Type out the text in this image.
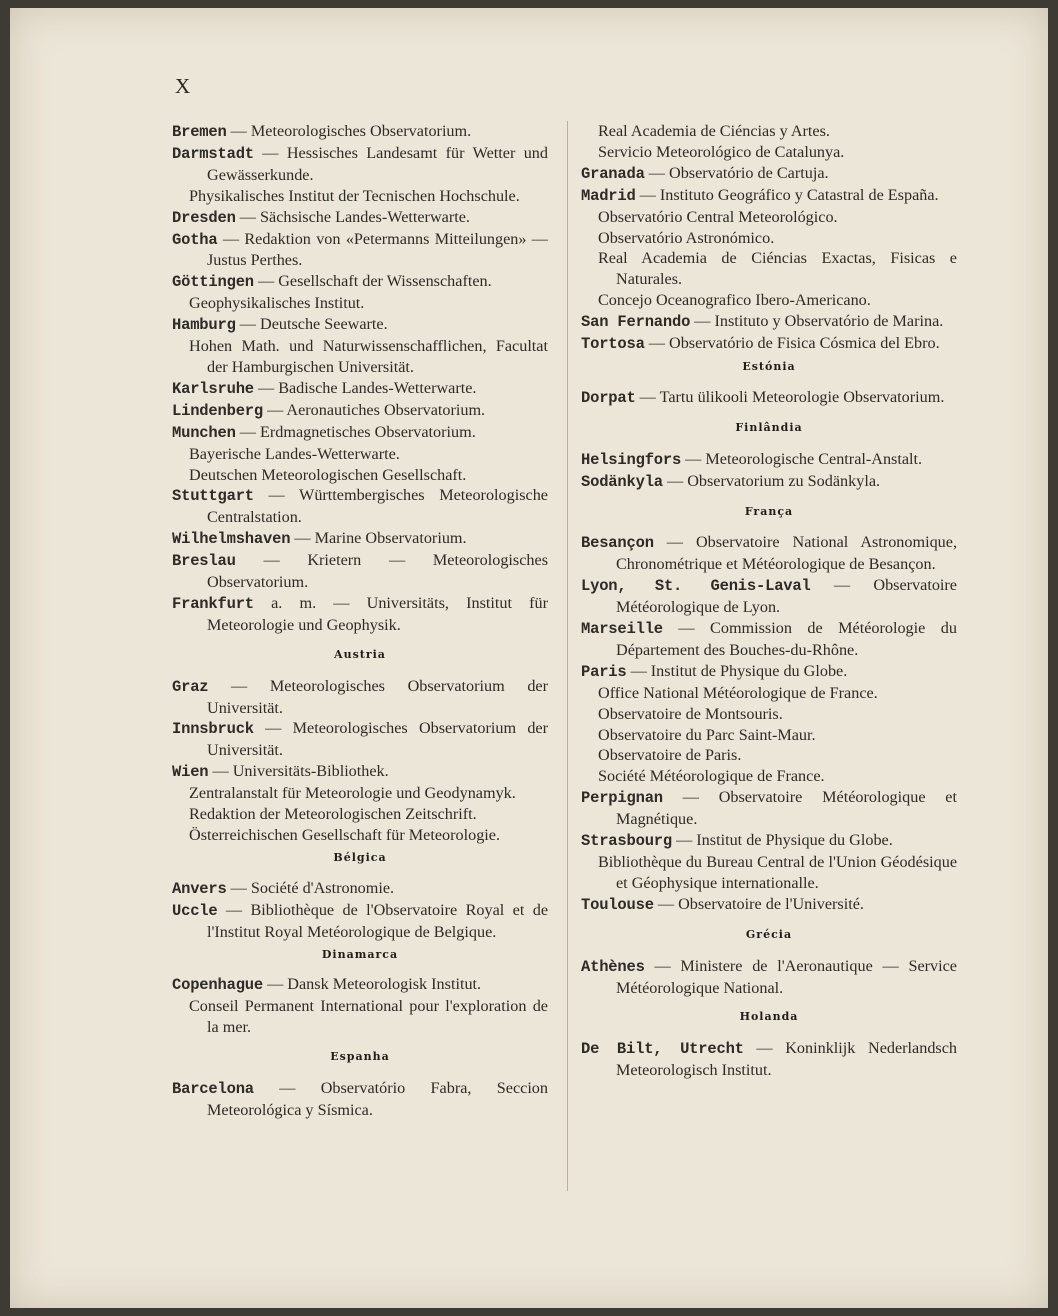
X
Bremen — Meteorologisches Observatorium.
Darmstadt — Hessisches Landesamt für Wetter und Gewässerkunde.
Physikalisches Institut der Tecnischen Hochschule.
Dresden — Sächsische Landes-Wetterwarte.
Gotha — Redaktion von «Petermanns Mitteilungen» — Justus Perthes.
Göttingen — Gesellschaft der Wissenschaften.
Geophysikalisches Institut.
Hamburg — Deutsche Seewarte.
Hohen Math. und Naturwissenschafflichen, Facultat der Hamburgischen Universität.
Karlsruhe — Badische Landes-Wetterwarte.
Lindenberg — Aeronautiches Observatorium.
Munchen — Erdmagnetisches Observatorium.
Bayerische Landes-Wetterwarte.
Deutschen Meteorologischen Gesellschaft.
Stuttgart — Württembergisches Meteorologische Centralstation.
Wilhelmshaven — Marine Observatorium.
Breslau — Krietern — Meteorologisches Observatorium.
Frankfurt a. m. — Universitäts, Institut für Meteorologie und Geophysik.
Austria
Graz — Meteorologisches Observatorium der Universität.
Innsbruck — Meteorologisches Observatorium der Universität.
Wien — Universitäts-Bibliothek.
Zentralanstalt für Meteorologie und Geodynamyk.
Redaktion der Meteorologischen Zeitschrift.
Österreichischen Gesellschaft für Meteorologie.
Bélgica
Anvers — Société d'Astronomie.
Uccle — Bibliothèque de l'Observatoire Royal et de l'Institut Royal Metéorologique de Belgique.
Dinamarca
Copenhague — Dansk Meteorologisk Institut.
Conseil Permanent International pour l'exploration de la mer.
Espanha
Barcelona — Observatório Fabra, Seccion Meteorológica y Sísmica.
Real Academia de Ciéncias y Artes.
Servicio Meteorológico de Catalunya.
Granada — Observatório de Cartuja.
Madrid — Instituto Geográfico y Catastral de España.
Observatório Central Meteorológico.
Observatório Astronómico.
Real Academia de Ciéncias Exactas, Fisicas e Naturales.
Concejo Oceanografico Ibero-Americano.
San Fernando — Instituto y Observatório de Marina.
Tortosa — Observatório de Fisica Cósmica del Ebro.
Estónia
Dorpat — Tartu ülikooli Meteorologie Observatorium.
Finlândia
Helsingfors — Meteorologische Central-Anstalt.
Sodänkyla — Observatorium zu Sodänkyla.
França
Besançon — Observatoire National Astronomique, Chronométrique et Météorologique de Besançon.
Lyon, St. Genis-Laval — Observatoire Météorologique de Lyon.
Marseille — Commission de Météorologie du Département des Bouches-du-Rhône.
Paris — Institut de Physique du Globe.
Office National Météorologique de France.
Observatoire de Montsouris.
Observatoire du Parc Saint-Maur.
Observatoire de Paris.
Société Météorologique de France.
Perpignan — Observatoire Météorologique et Magnétique.
Strasbourg — Institut de Physique du Globe.
Bibliothèque du Bureau Central de l'Union Géodésique et Géophysique internationalle.
Toulouse — Observatoire de l'Université.
Grécia
Athènes — Ministere de l'Aeronautique — Service Météorologique National.
Holanda
De Bilt, Utrecht — Koninklijk Nederlandsch Meteorologisch Institut.
